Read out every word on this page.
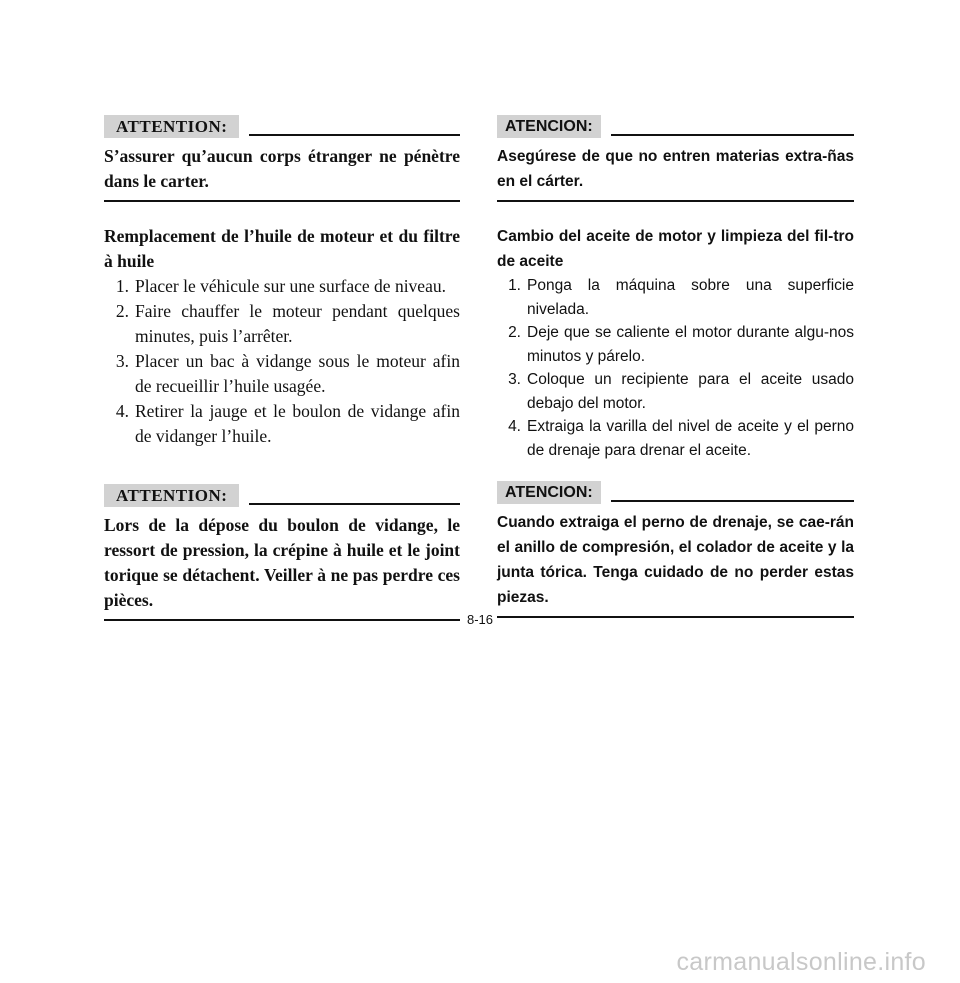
ATTENTION:
S’assurer qu’aucun corps étranger ne pénètre dans le carter.
Remplacement de l’huile de moteur et du filtre à huile
1. Placer le véhicule sur une surface de niveau.
2. Faire chauffer le moteur pendant quelques minutes, puis l’arrêter.
3. Placer un bac à vidange sous le moteur afin de recueillir l’huile usagée.
4. Retirer la jauge et le boulon de vidange afin de vidanger l’huile.
ATTENTION:
Lors de la dépose du boulon de vidange, le ressort de pression, la crépine à huile et le joint torique se détachent. Veiller à ne pas perdre ces pièces.
ATENCION:
Asegúrese de que no entren materias extra-ñas en el cárter.
Cambio del aceite de motor y limpieza del fil-tro de aceite
1. Ponga la máquina sobre una superficie nivelada.
2. Deje que se caliente el motor durante algu-nos minutos y párelo.
3. Coloque un recipiente para el aceite usado debajo del motor.
4. Extraiga la varilla del nivel de aceite y el perno de drenaje para drenar el aceite.
ATENCION:
Cuando extraiga el perno de drenaje, se cae-rán el anillo de compresión, el colador de aceite y la junta tórica. Tenga cuidado de no perder estas piezas.
8-16
carmanualsonline.info
